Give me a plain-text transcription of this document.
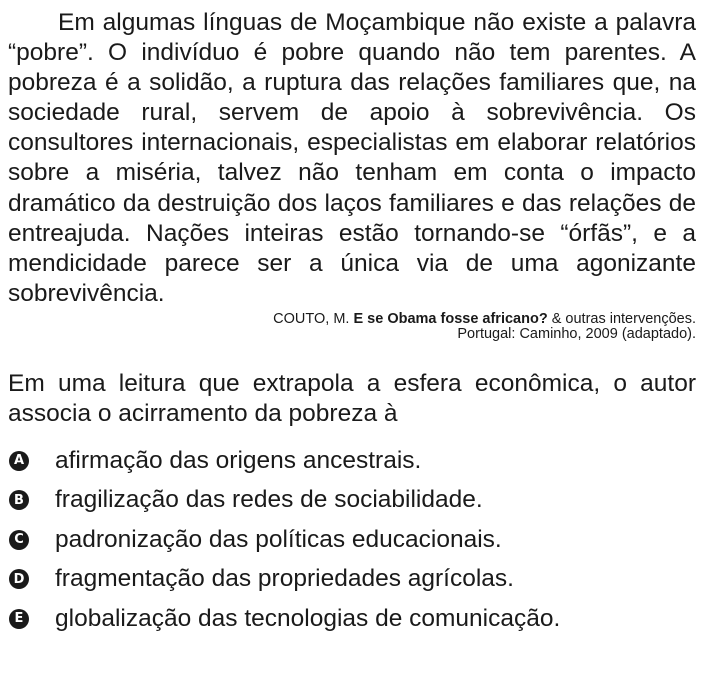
Em algumas línguas de Moçambique não existe a palavra “pobre”. O indivíduo é pobre quando não tem parentes. A pobreza é a solidão, a ruptura das relações familiares que, na sociedade rural, servem de apoio à sobrevivência. Os consultores internacionais, especialistas em elaborar relatórios sobre a miséria, talvez não tenham em conta o impacto dramático da destruição dos laços familiares e das relações de entreajuda. Nações inteiras estão tornando-se “órfãs”, e a mendicidade parece ser a única via de uma agonizante sobrevivência.

COUTO, M. E se Obama fosse africano? & outras intervenções.
Portugal: Caminho, 2009 (adaptado).

Em uma leitura que extrapola a esfera econômica, o autor associa o acirramento da pobreza à

A afirmação das origens ancestrais.
B fragilização das redes de sociabilidade.
C padronização das políticas educacionais.
D fragmentação das propriedades agrícolas.
E globalização das tecnologias de comunicação.
